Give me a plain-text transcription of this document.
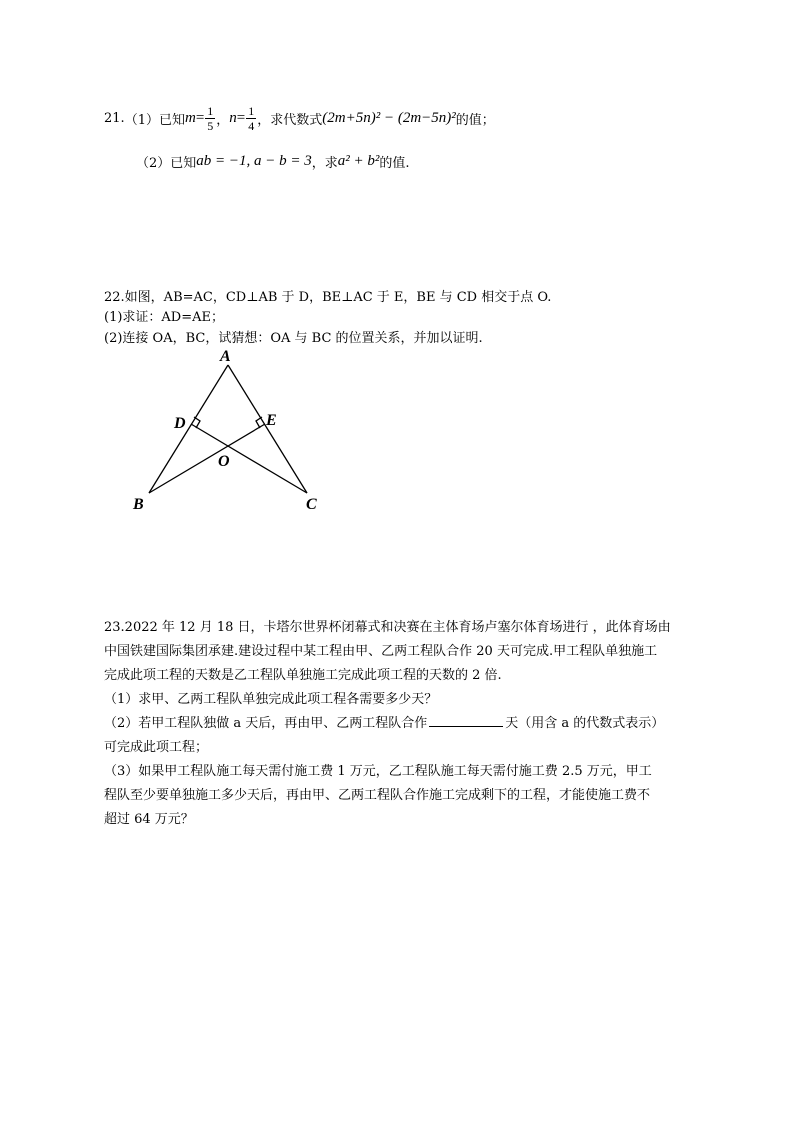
21. （1）已知 $m= \frac{1}{5}$ ， $n= \frac{1}{4}$ ，求代数式 (2m+5n)² − (2m−5n)² 的值；
（2）已知 ab = −1, a − b = 3 ，求 a² + b² 的值.
22.如图，AB=AC，CD⊥AB 于 D，BE⊥AC 于 E，BE 与 CD 相交于点 O.
(1)求证：AD=AE；
(2)连接 OA，BC，试猜想：OA 与 BC 的位置关系，并加以证明.
A
D	E
O
B	C
23.2022 年 12 月 18 日，卡塔尔世界杯闭幕式和决赛在主体育场卢塞尔体育场进行 ，此体育场由
中国铁建国际集团承建.建设过程中某工程由甲、乙两工程队合作 20 天可完成.甲工程队单独施工
完成此项工程的天数是乙工程队单独施工完成此项工程的天数的 2 倍.
（1）求甲、乙两工程队单独完成此项工程各需要多少天？
（2）若甲工程队独做 a 天后，再由甲、乙两工程队合作	天（用含 a 的代数式表示）
可完成此项工程；
（3）如果甲工程队施工每天需付施工费 1 万元，乙工程队施工每天需付施工费 2.5 万元，甲工
程队至少要单独施工多少天后，再由甲、乙两工程队合作施工完成剩下的工程，才能使施工费不
超过 64 万元？
